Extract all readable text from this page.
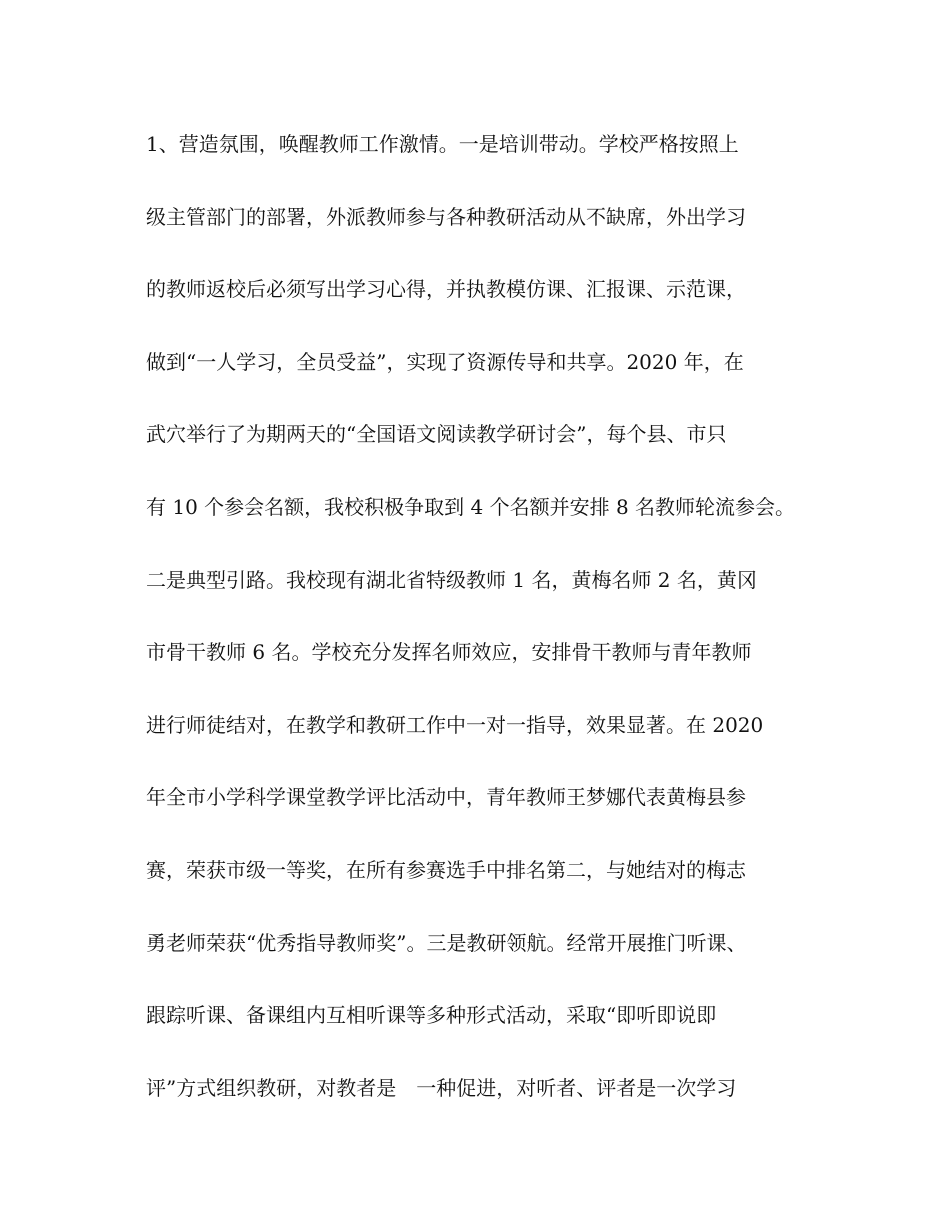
1、营造氛围，唤醒教师工作激情。一是培训带动。学校严格按照上
级主管部门的部署，外派教师参与各种教研活动从不缺席，外出学习
的教师返校后必须写出学习心得，并执教模仿课、汇报课、示范课，
做到“一人学习，全员受益”，实现了资源传导和共享。2020 年，在
武穴举行了为期两天的“全国语文阅读教学研讨会”，每个县、市只
有 10 个参会名额，我校积极争取到 4 个名额并安排 8 名教师轮流参会。
二是典型引路。我校现有湖北省特级教师 1 名，黄梅名师 2 名，黄冈
市骨干教师 6 名。学校充分发挥名师效应，安排骨干教师与青年教师
进行师徒结对，在教学和教研工作中一对一指导，效果显著。在 2020
年全市小学科学课堂教学评比活动中，青年教师王梦娜代表黄梅县参
赛，荣获市级一等奖，在所有参赛选手中排名第二，与她结对的梅志
勇老师荣获“优秀指导教师奖”。三是教研领航。经常开展推门听课、
跟踪听课、备课组内互相听课等多种形式活动，采取“即听即说即
评”方式组织教研，对教者是　一种促进，对听者、评者是一次学习
